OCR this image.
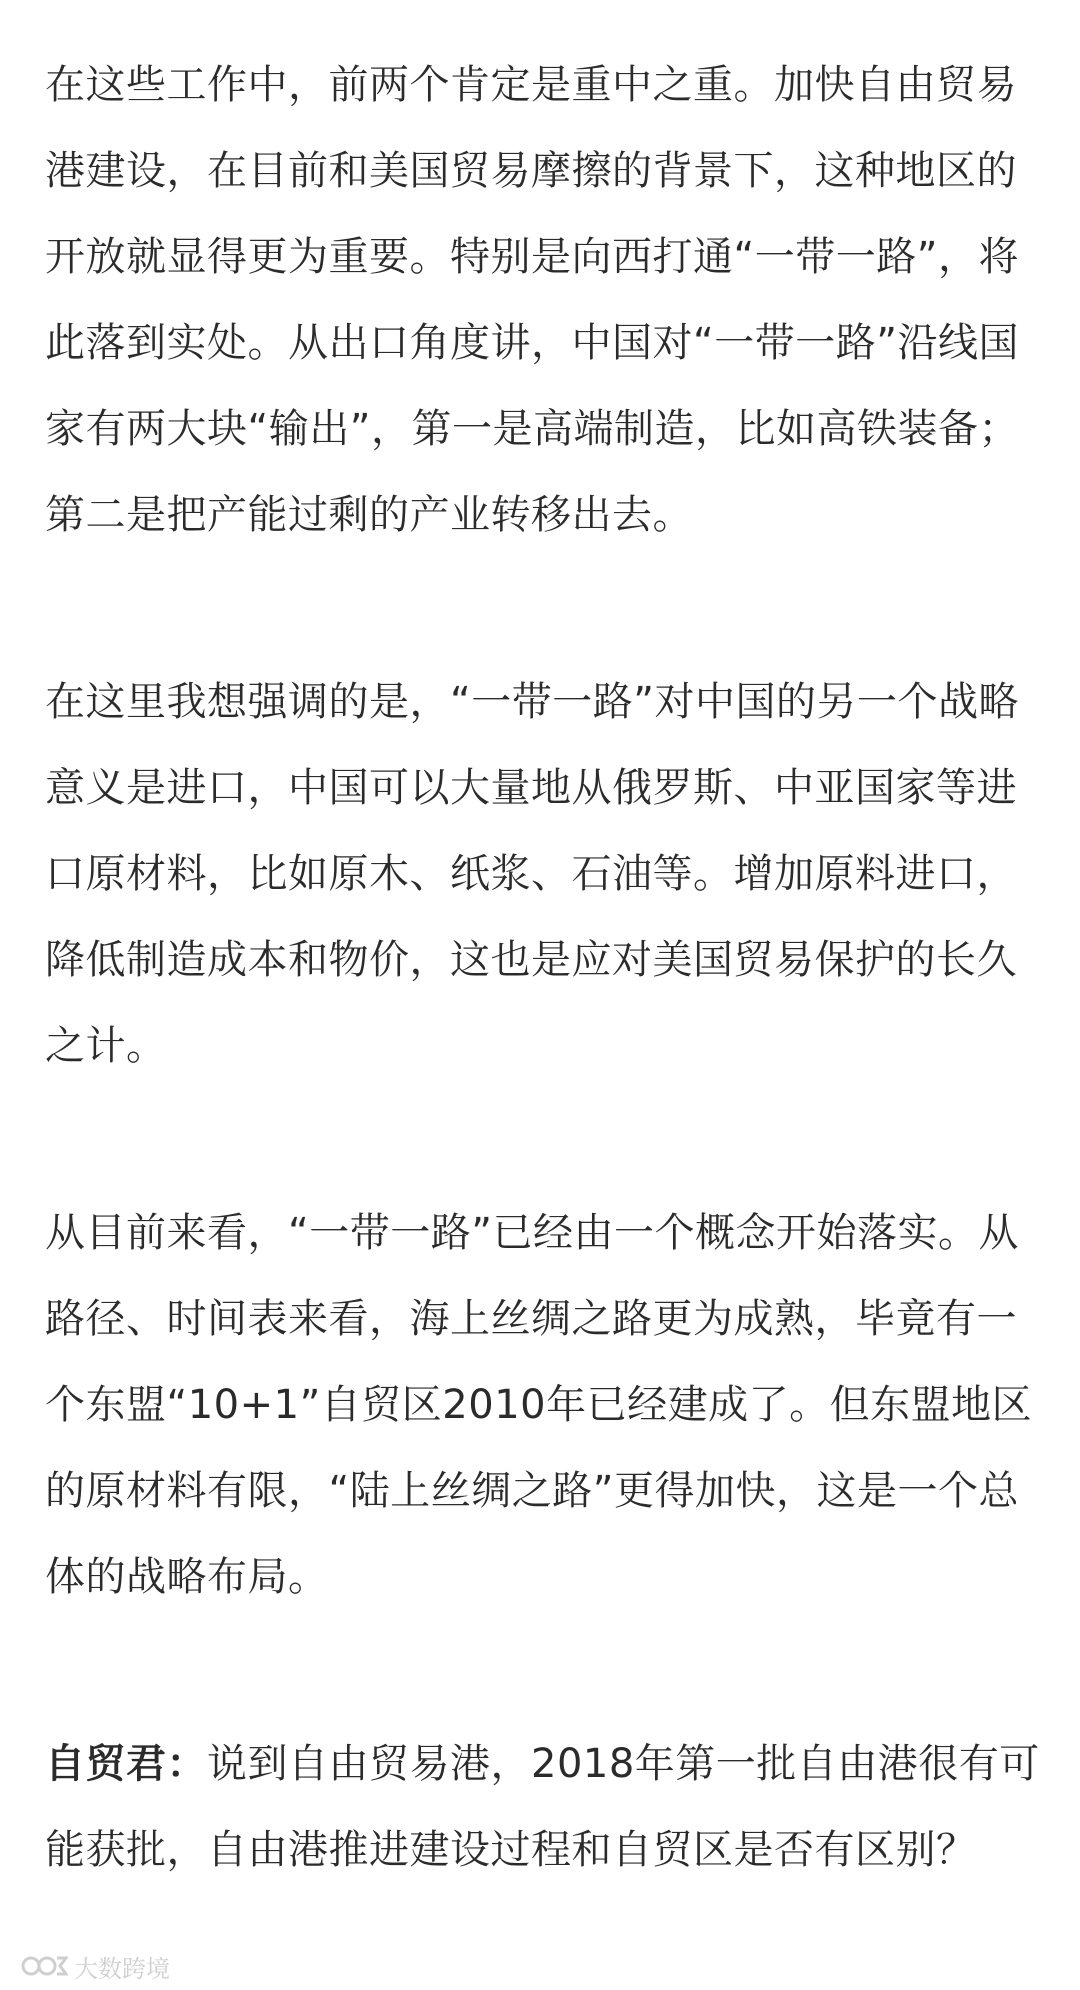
在这些工作中，前两个肯定是重中之重。加快自由贸易港建设，在目前和美国贸易摩擦的背景下，这种地区的开放就显得更为重要。特别是向西打通“一带一路”，将此落到实处。从出口角度讲，中国对“一带一路”沿线国家有两大块“输出”，第一是高端制造，比如高铁装备；第二是把产能过剩的产业转移出去。

在这里我想强调的是，“一带一路”对中国的另一个战略意义是进口，中国可以大量地从俄罗斯、中亚国家等进口原材料，比如原木、纸浆、石油等。增加原料进口，降低制造成本和物价，这也是应对美国贸易保护的长久之计。

从目前来看，“一带一路”已经由一个概念开始落实。从路径、时间表来看，海上丝绸之路更为成熟，毕竟有一个东盟“10+1”自贸区2010年已经建成了。但东盟地区的原材料有限，“陆上丝绸之路”更得加快，这是一个总体的战略布局。

自贸君：说到自由贸易港，2018年第一批自由港很有可能获批，自由港推进建设过程和自贸区是否有区别？

大数跨境
